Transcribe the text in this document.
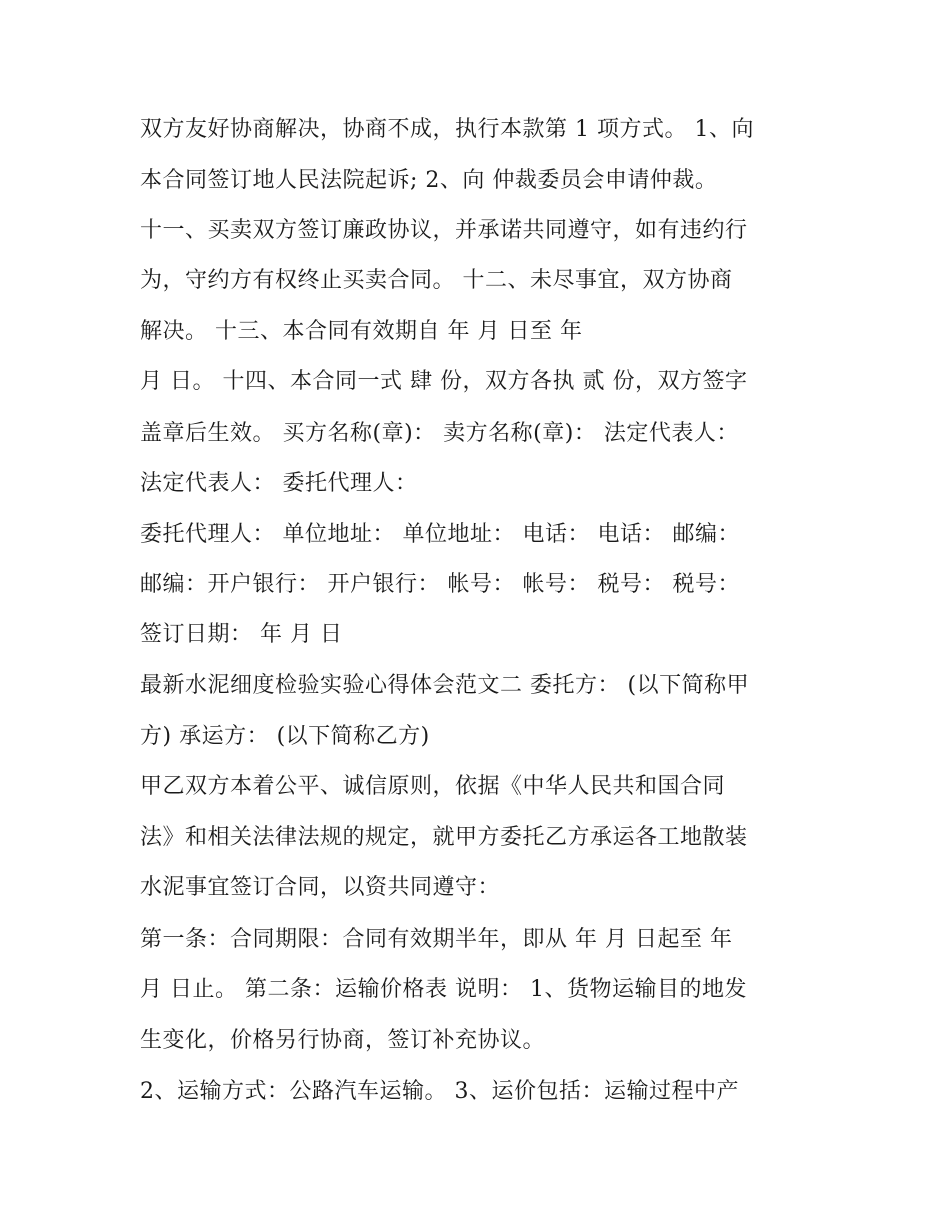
双方友好协商解决，协商不成，执行本款第 1 项方式。 1、向

本合同签订地人民法院起诉; 2、向 仲裁委员会申请仲裁。

十一、买卖双方签订廉政协议，并承诺共同遵守，如有违约行

为，守约方有权终止买卖合同。 十二、未尽事宜，双方协商

解决。 十三、本合同有效期自 年 月 日至 年

月 日。 十四、本合同一式 肆 份，双方各执 贰 份，双方签字

盖章后生效。 买方名称(章)： 卖方名称(章)： 法定代表人：

法定代表人： 委托代理人：

委托代理人： 单位地址： 单位地址： 电话： 电话： 邮编：

邮编：开户银行： 开户银行： 帐号： 帐号： 税号： 税号：

签订日期： 年 月 日

最新水泥细度检验实验心得体会范文二 委托方： (以下简称甲

方) 承运方： (以下简称乙方)

甲乙双方本着公平、诚信原则，依据《中华人民共和国合同

法》和相关法律法规的规定，就甲方委托乙方承运各工地散装

水泥事宜签订合同，以资共同遵守：

第一条：合同期限：合同有效期半年，即从 年 月 日起至 年

月 日止。 第二条：运输价格表 说明： 1、货物运输目的地发

生变化，价格另行协商，签订补充协议。

2、运输方式：公路汽车运输。 3、运价包括：运输过程中产
